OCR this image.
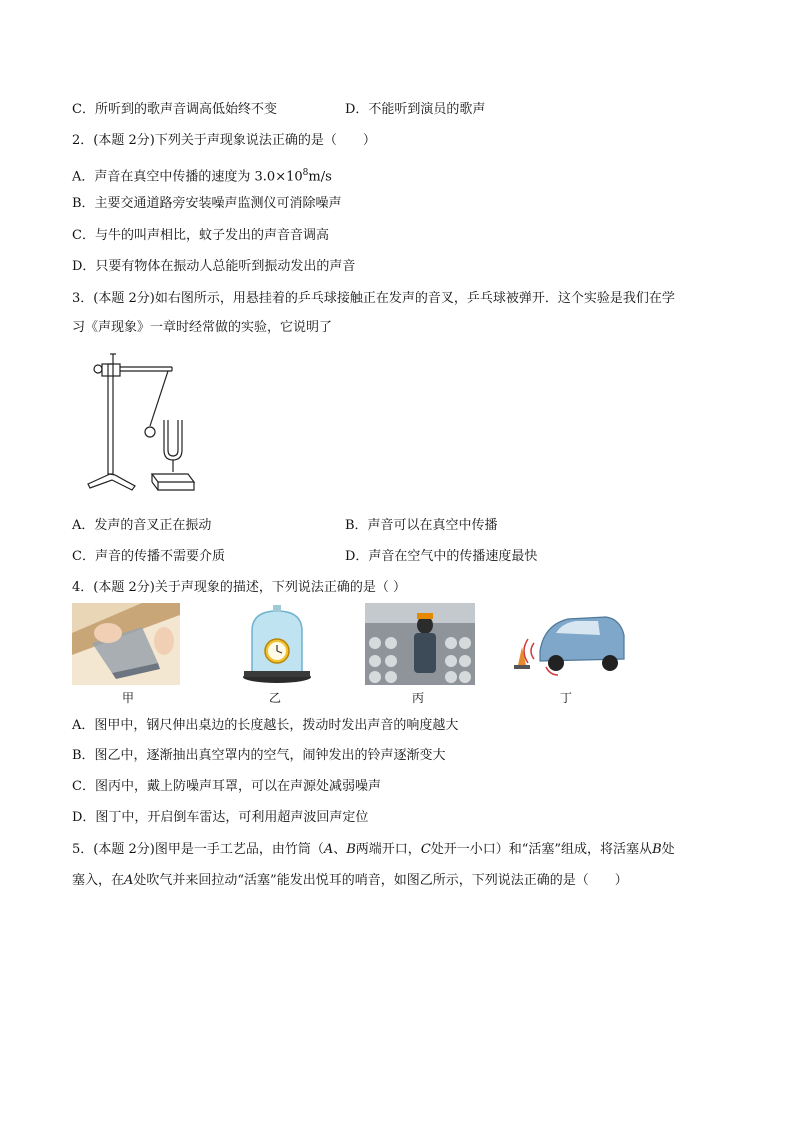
C．所听到的歌声音调高低始终不变	D．不能听到演员的歌声
2．(本题 2分)下列关于声现象说法正确的是（　　）
A．声音在真空中传播的速度为 $3.0\times 10^8m/s$
B．主要交通道路旁安装噪声监测仪可消除噪声
C．与牛的叫声相比，蚊子发出的声音音调高
D．只要有物体在振动人总能听到振动发出的声音
3．(本题 2分)如右图所示，用悬挂着的乒乓球接触正在发声的音叉，乒乓球被弹开．这个实验是我们在学
习《声现象》一章时经常做的实验，它说明了
A．发声的音叉正在振动	B．声音可以在真空中传播
C．声音的传播不需要介质	D．声音在空气中的传播速度最快
4．(本题 2分)关于声现象的描述，下列说法正确的是（ ）
甲	乙	丙	丁
A．图甲中，钢尺伸出桌边的长度越长，拨动时发出声音的响度越大
B．图乙中，逐渐抽出真空罩内的空气，闹钟发出的铃声逐渐变大
C．图丙中，戴上防噪声耳罩，可以在声源处减弱噪声
D．图丁中，开启倒车雷达，可利用超声波回声定位
5．(本题 2分)图甲是一手工艺品，由竹筒（A、B两端开口，C处开一小口）和“活塞”组成，将活塞从B处
塞入，在A处吹气并来回拉动“活塞”能发出悦耳的哨音，如图乙所示，下列说法正确的是（　　）
